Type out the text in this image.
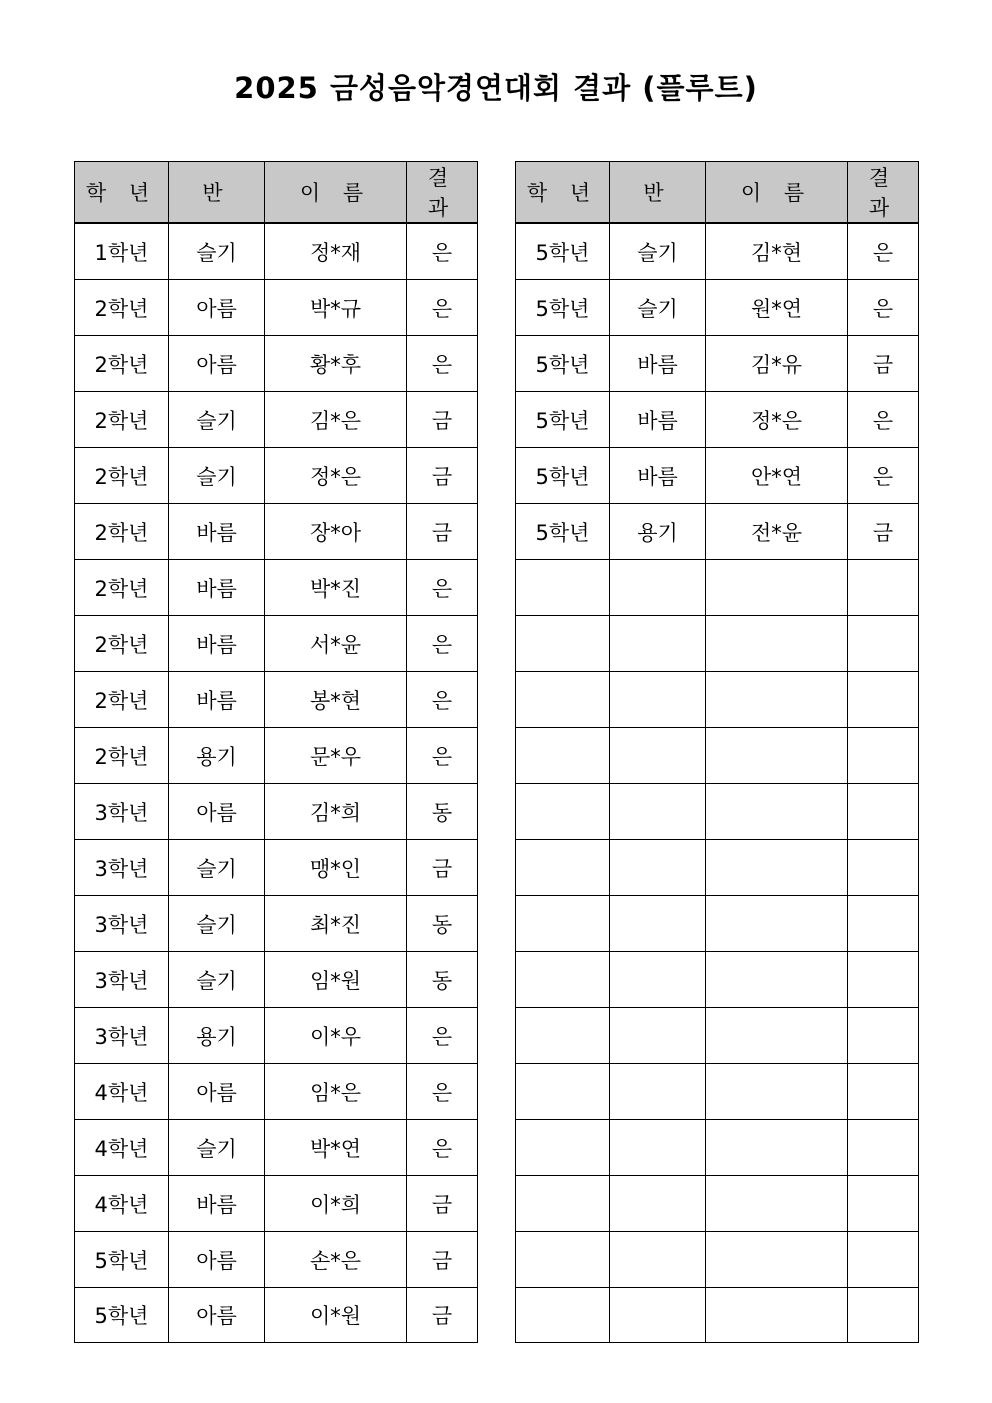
2025 금성음악경연대회 결과 (플루트)
학 년	반	이 름	결 과
1학년	슬기	정*재	은
2학년	아름	박*규	은
2학년	아름	황*후	은
2학년	슬기	김*은	금
2학년	슬기	정*은	금
2학년	바름	장*아	금
2학년	바름	박*진	은
2학년	바름	서*윤	은
2학년	바름	봉*현	은
2학년	용기	문*우	은
3학년	아름	김*희	동
3학년	슬기	맹*인	금
3학년	슬기	최*진	동
3학년	슬기	임*원	동
3학년	용기	이*우	은
4학년	아름	임*은	은
4학년	슬기	박*연	은
4학년	바름	이*희	금
5학년	아름	손*은	금
5학년	아름	이*원	금
학 년	반	이 름	결 과
5학년	슬기	김*현	은
5학년	슬기	원*연	은
5학년	바름	김*유	금
5학년	바름	정*은	은
5학년	바름	안*연	은
5학년	용기	전*윤	금
